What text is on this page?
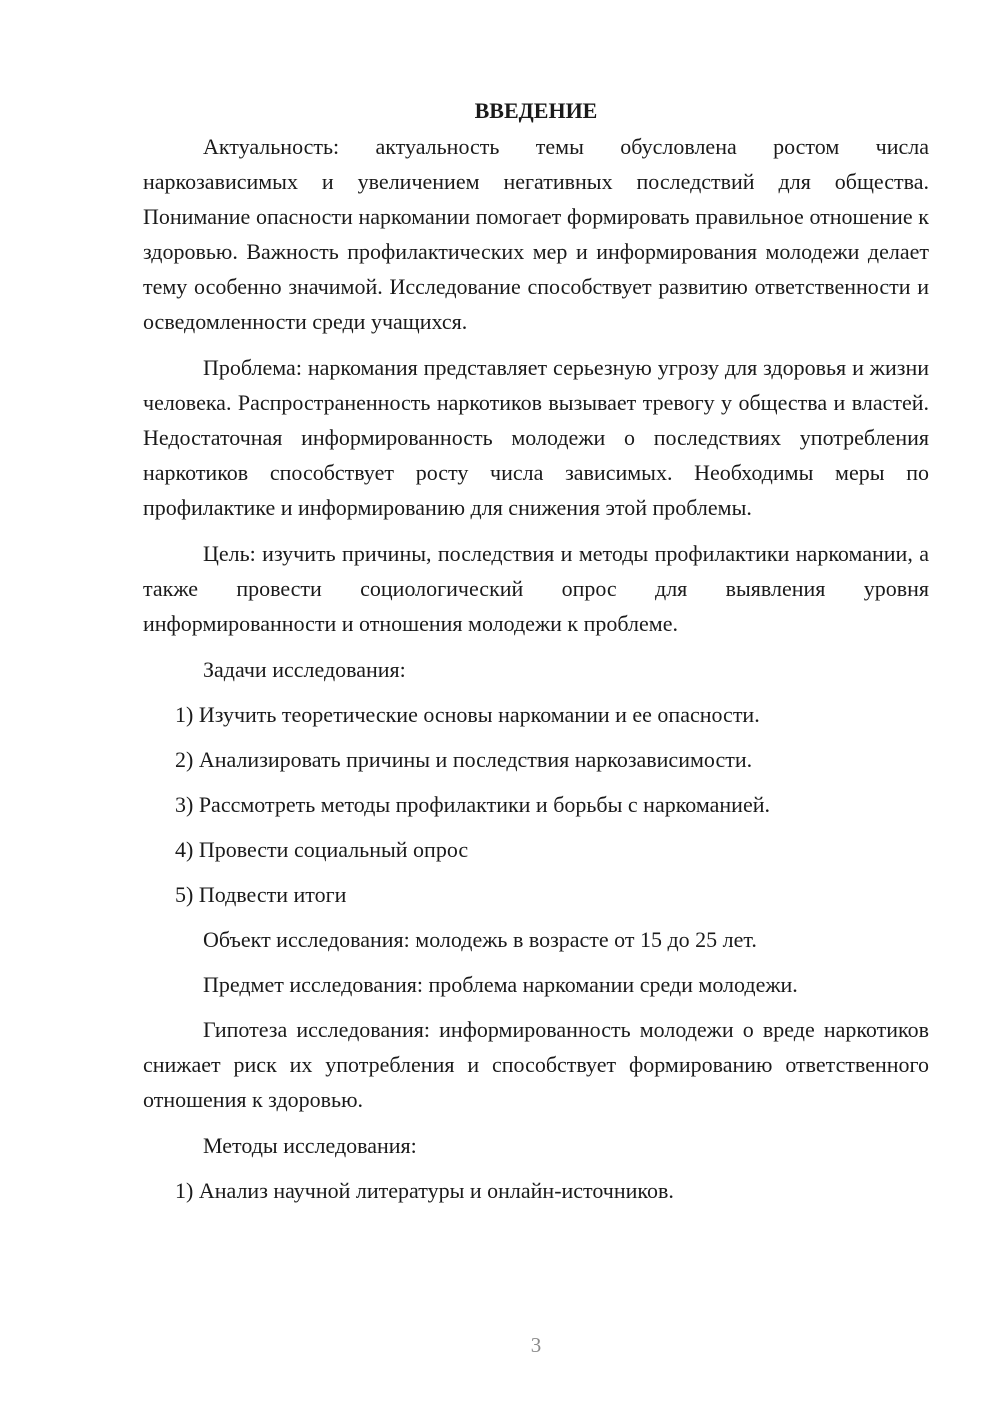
ВВЕДЕНИЕ

Актуальность: актуальность темы обусловлена ростом числа наркозависимых и увеличением негативных последствий для общества. Понимание опасности наркомании помогает формировать правильное отношение к здоровью. Важность профилактических мер и информирования молодежи делает тему особенно значимой. Исследование способствует развитию ответственности и осведомленности среди учащихся.

Проблема: наркомания представляет серьезную угрозу для здоровья и жизни человека. Распространенность наркотиков вызывает тревогу у общества и властей. Недостаточная информированность молодежи о последствиях употребления наркотиков способствует росту числа зависимых. Необходимы меры по профилактике и информированию для снижения этой проблемы.

Цель: изучить причины, последствия и методы профилактики наркомании, а также провести социологический опрос для выявления уровня информированности и отношения молодежи к проблеме.

Задачи исследования:
1) Изучить теоретические основы наркомании и ее опасности.
2) Анализировать причины и последствия наркозависимости.
3) Рассмотреть методы профилактики и борьбы с наркоманией.
4) Провести социальный опрос
5) Подвести итоги
Объект исследования: молодежь в возрасте от 15 до 25 лет.
Предмет исследования: проблема наркомании среди молодежи.

Гипотеза исследования: информированность молодежи о вреде наркотиков снижает риск их употребления и способствует формированию ответственного отношения к здоровью.

Методы исследования:
1) Анализ научной литературы и онлайн-источников.
3
